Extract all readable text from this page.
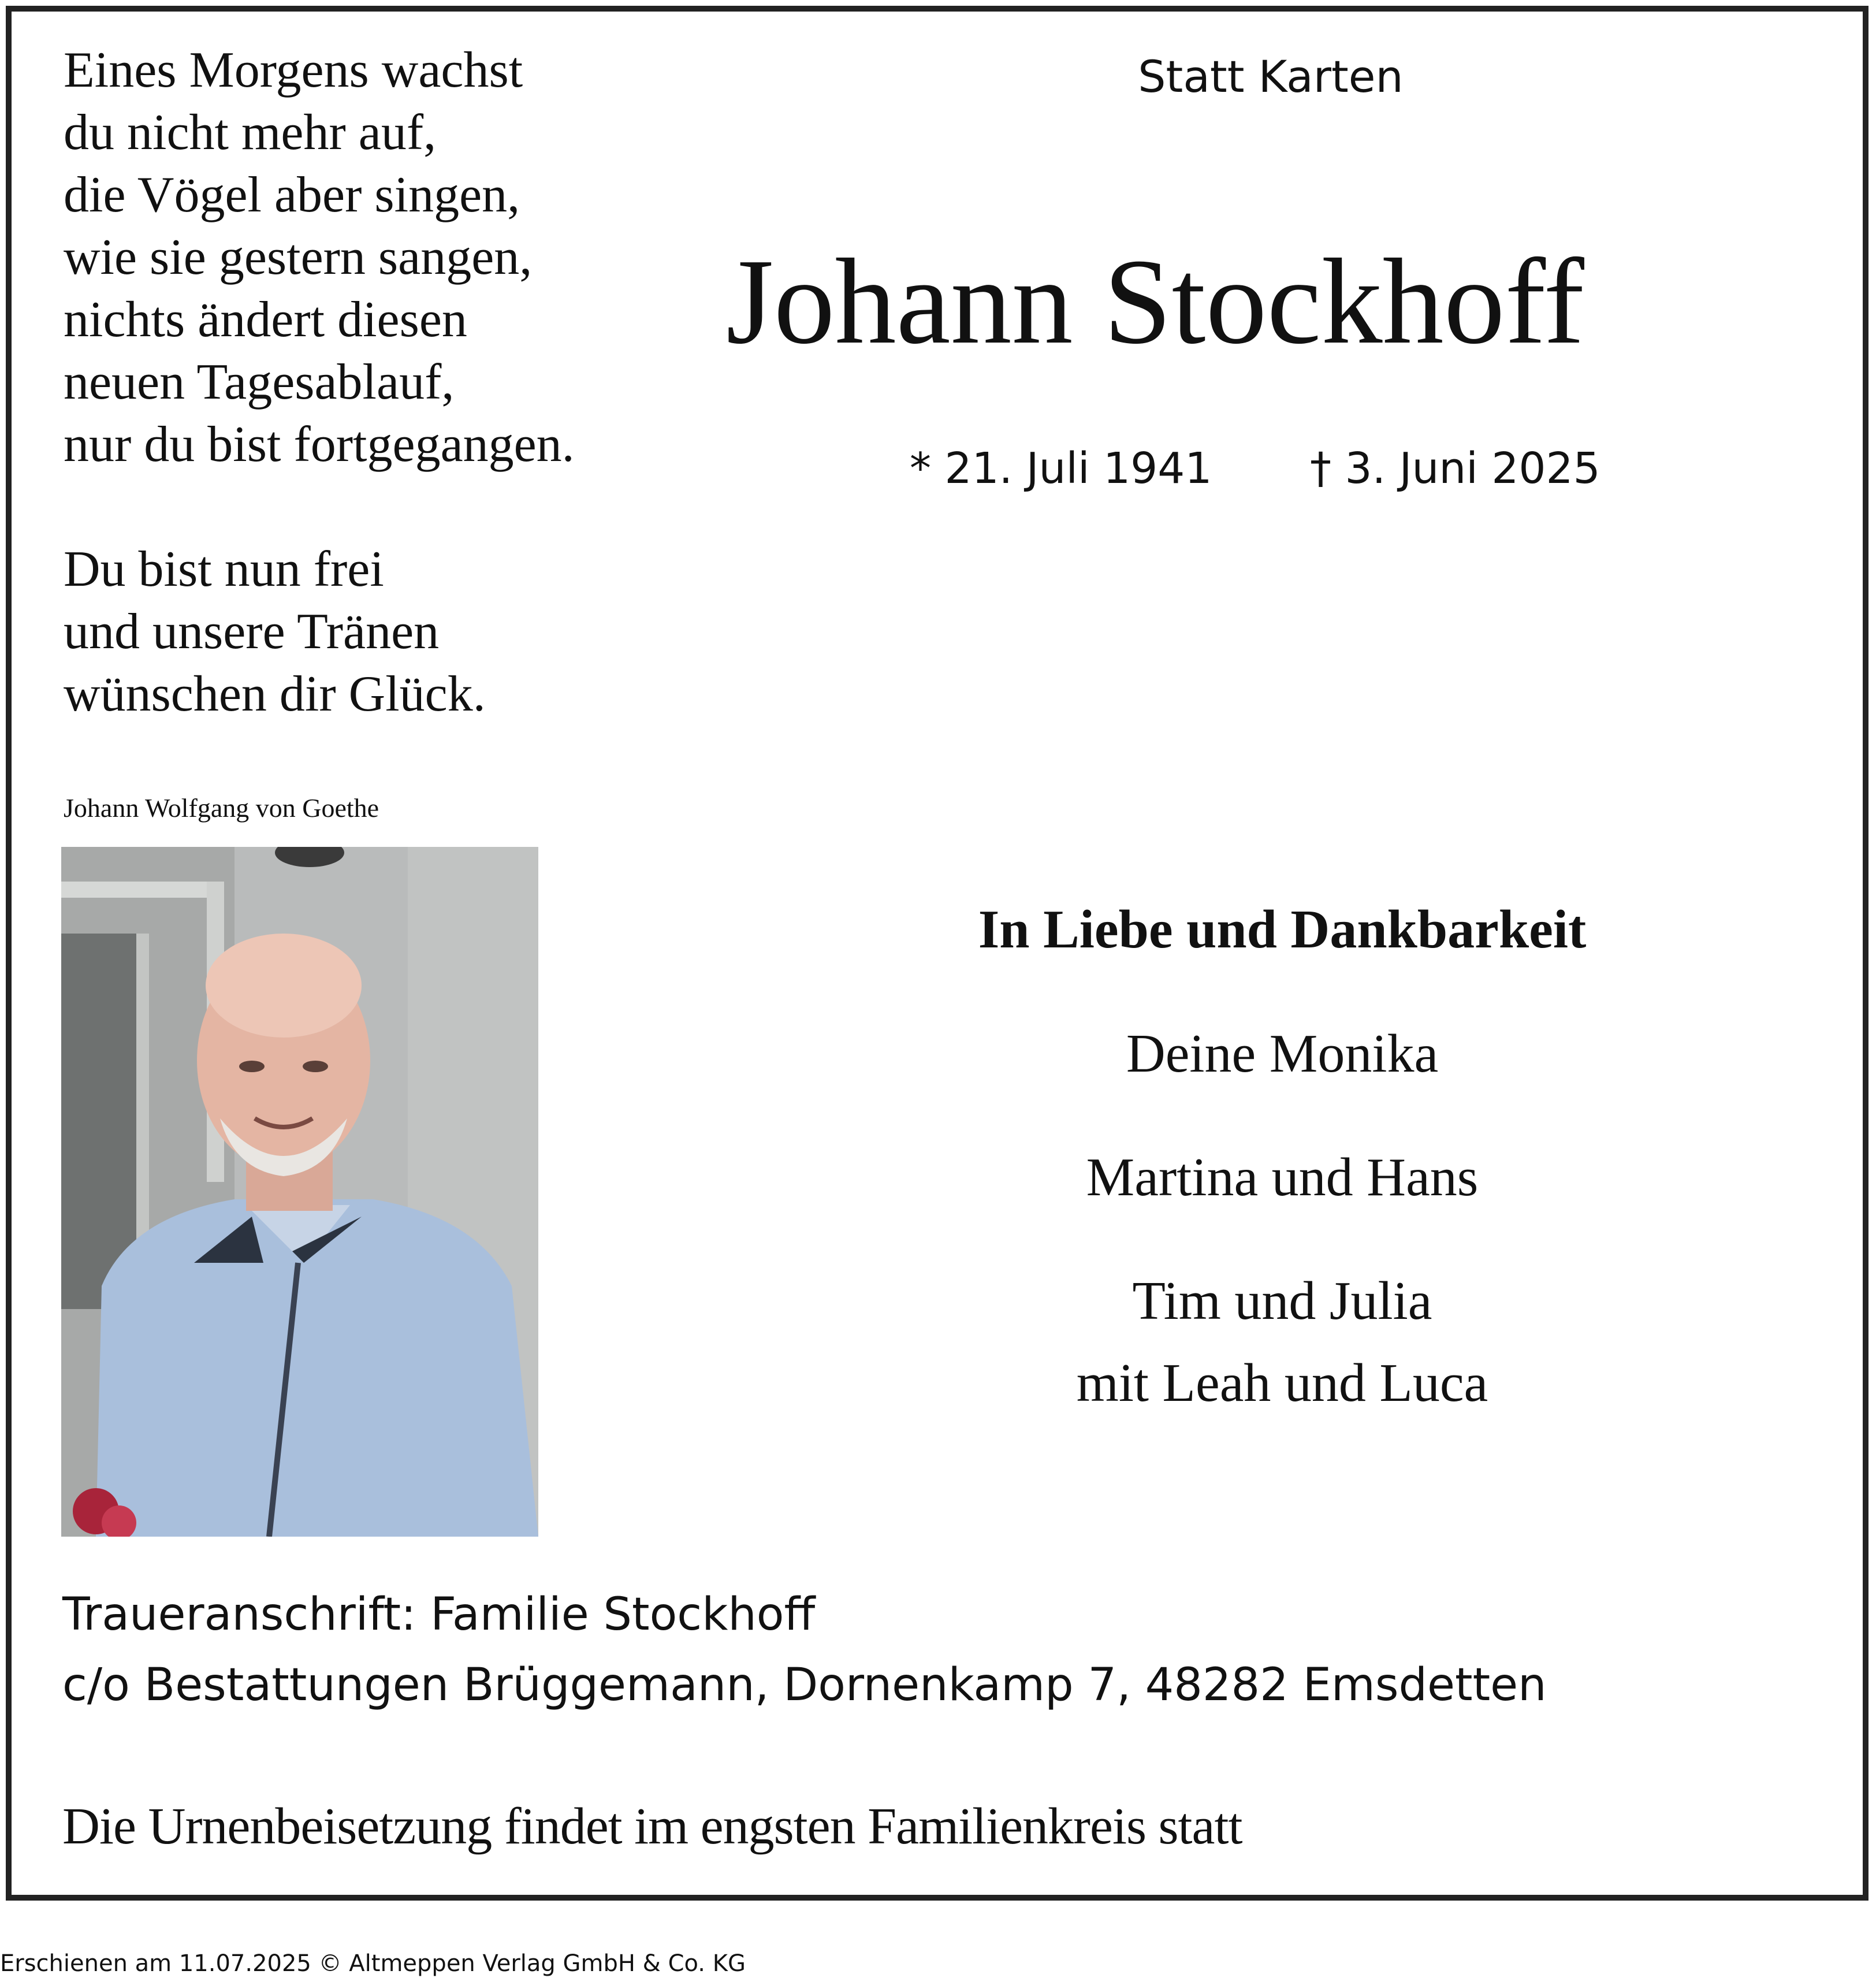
Eines Morgens wachst
du nicht mehr auf,
die Vögel aber singen,
wie sie gestern sangen,
nichts ändert diesen
neuen Tagesablauf,
nur du bist fortgegangen.
Du bist nun frei
und unsere Tränen
wünschen dir Glück.
Johann Wolfgang von Goethe
Statt Karten
Johann Stockhoff
* 21. Juli 1941 † 3. Juni 2025
In Liebe und Dankbarkeit
Deine Monika
Martina und Hans
Tim und Julia
mit Leah und Luca
Traueranschrift: Familie Stockhoff
c/o Bestattungen Brüggemann, Dornenkamp 7, 48282 Emsdetten
Die Urnenbeisetzung findet im engsten Familienkreis statt
Erschienen am 11.07.2025 © Altmeppen Verlag GmbH & Co. KG
